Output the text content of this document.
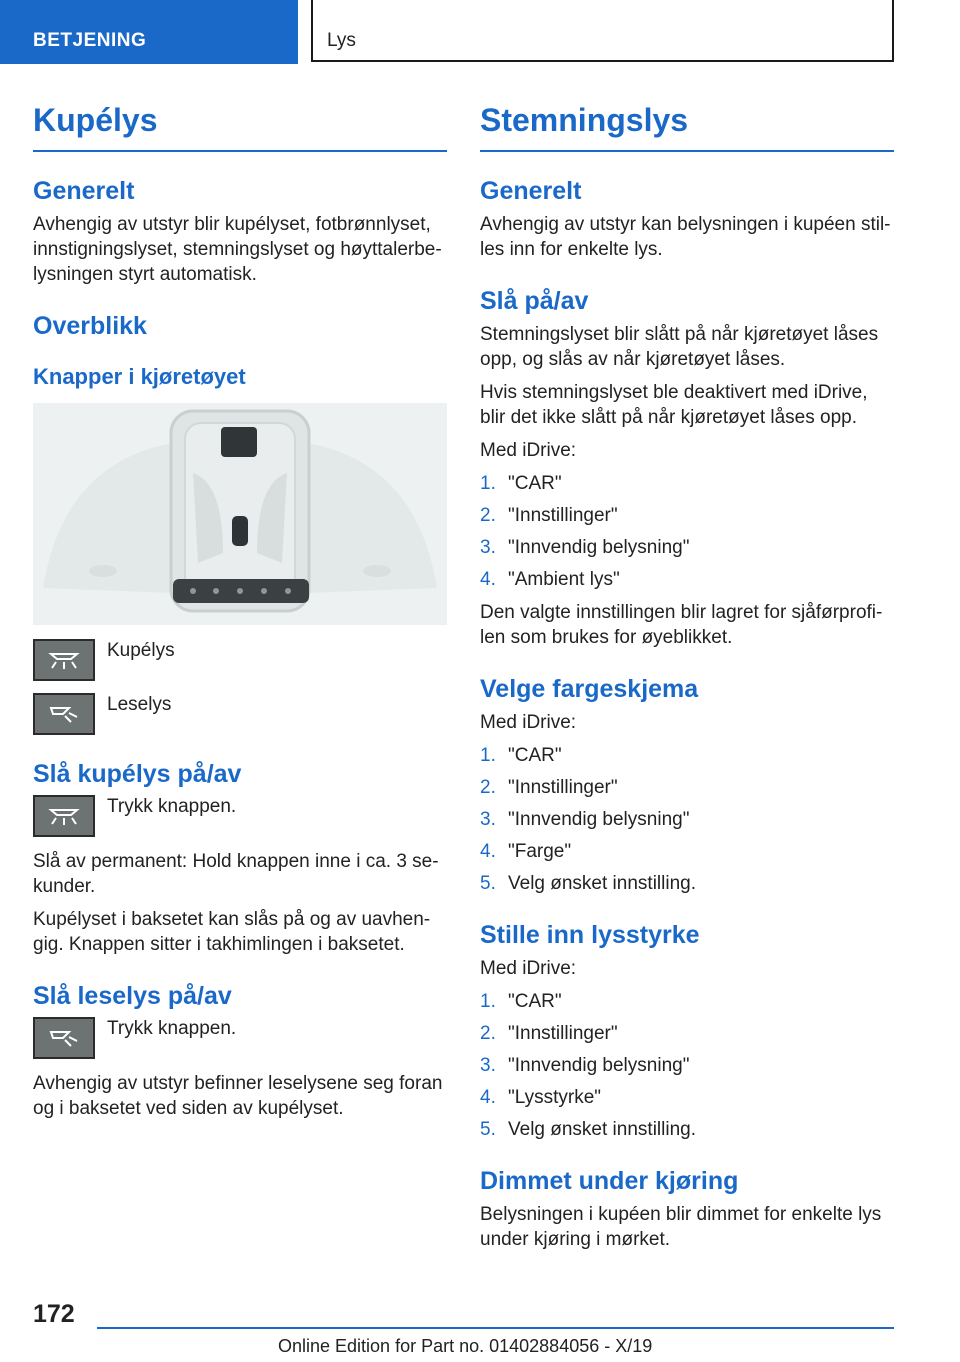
BETJENING	Lys
Kupélys
Generelt

Avhengig av utstyr blir kupélyset, fotbrønnlyset, innstigningslyset, stemningslyset og høyttalerbe-lysningen styrt automatisk.

Overblikk
Knapper i kjøretøyet
Kupélys
Leselys
Slå kupélys på/av
Trykk knappen.

Slå av permanent: Hold knappen inne i ca. 3 se-kunder.

Kupélyset i baksetet kan slås på og av uavhen-gig. Knappen sitter i takhimlingen i baksetet.

Slå leselys på/av
Trykk knappen.

Avhengig av utstyr befinner leselysene seg foran og i baksetet ved siden av kupélyset.

Stemningslys
Generelt

Avhengig av utstyr kan belysningen i kupéen stil-les inn for enkelte lys.

Slå på/av

Stemningslyset blir slått på når kjøretøyet låses opp, og slås av når kjøretøyet låses.

Hvis stemningslyset ble deaktivert med iDrive, blir det ikke slått på når kjøretøyet låses opp.

Med iDrive:

1. "CAR"
2. "Innstillinger"
3. "Innvendig belysning"
4. "Ambient lys"

Den valgte innstillingen blir lagret for sjåførprofi-len som brukes for øyeblikket.

Velge fargeskjema

Med iDrive:

1. "CAR"
2. "Innstillinger"
3. "Innvendig belysning"
4. "Farge"
5. Velg ønsket innstilling.
Stille inn lysstyrke

Med iDrive:

1. "CAR"
2. "Innstillinger"
3. "Innvendig belysning"
4. "Lysstyrke"
5. Velg ønsket innstilling.
Dimmet under kjøring

Belysningen i kupéen blir dimmet for enkelte lys under kjøring i mørket.

172
Online Edition for Part no. 01402884056 - X/19
